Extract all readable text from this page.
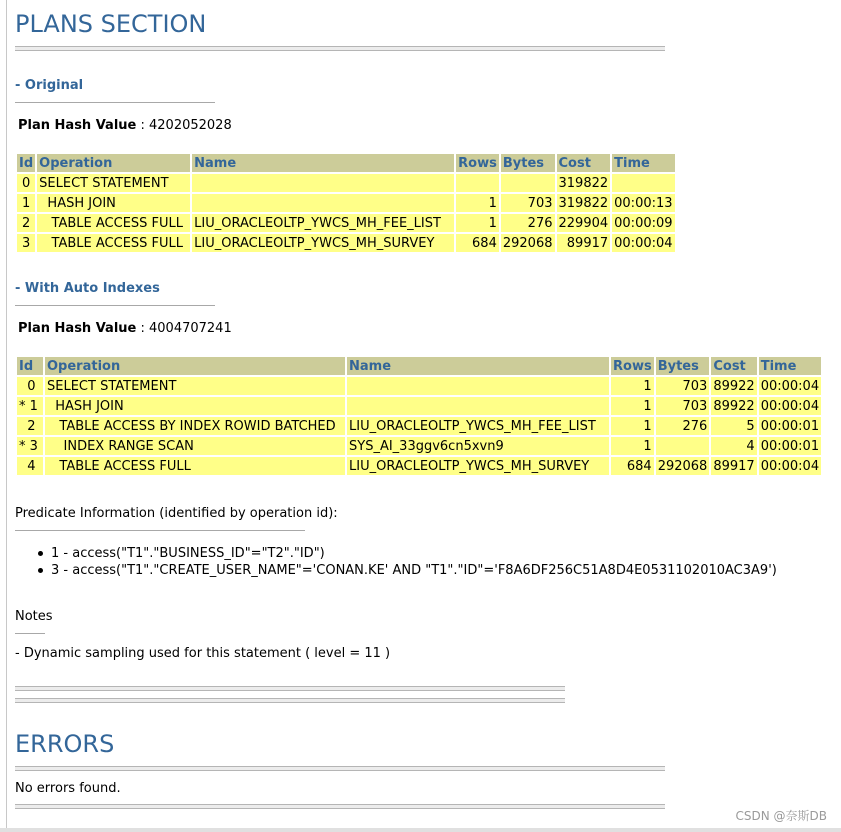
PLANS SECTION
- Original
Plan Hash Value : 4202052028
Id	Operation	Name	Rows	Bytes	Cost	Time
0	SELECT STATEMENT				319822	
1	HASH JOIN		1	703	319822	00:00:13
2	TABLE ACCESS FULL	LIU_ORACLEOLTP_YWCS_MH_FEE_LIST	1	276	229904	00:00:09
3	TABLE ACCESS FULL	LIU_ORACLEOLTP_YWCS_MH_SURVEY	684	292068	89917	00:00:04
- With Auto Indexes
Plan Hash Value : 4004707241
Id	Operation	Name	Rows	Bytes	Cost	Time
0	SELECT STATEMENT		1	703	89922	00:00:04
* 1	HASH JOIN		1	703	89922	00:00:04
2	TABLE ACCESS BY INDEX ROWID BATCHED	LIU_ORACLEOLTP_YWCS_MH_FEE_LIST	1	276	5	00:00:01
* 3	INDEX RANGE SCAN	SYS_AI_33ggv6cn5xvn9	1		4	00:00:01
4	TABLE ACCESS FULL	LIU_ORACLEOLTP_YWCS_MH_SURVEY	684	292068	89917	00:00:04
Predicate Information (identified by operation id):
1 - access("T1"."BUSINESS_ID"="T2"."ID")
3 - access("T1"."CREATE_USER_NAME"='CONAN.KE' AND "T1"."ID"='F8A6DF256C51A8D4E0531102010AC3A9')
Notes
- Dynamic sampling used for this statement ( level = 11 )
ERRORS
No errors found.
CSDN @奈斯DB
